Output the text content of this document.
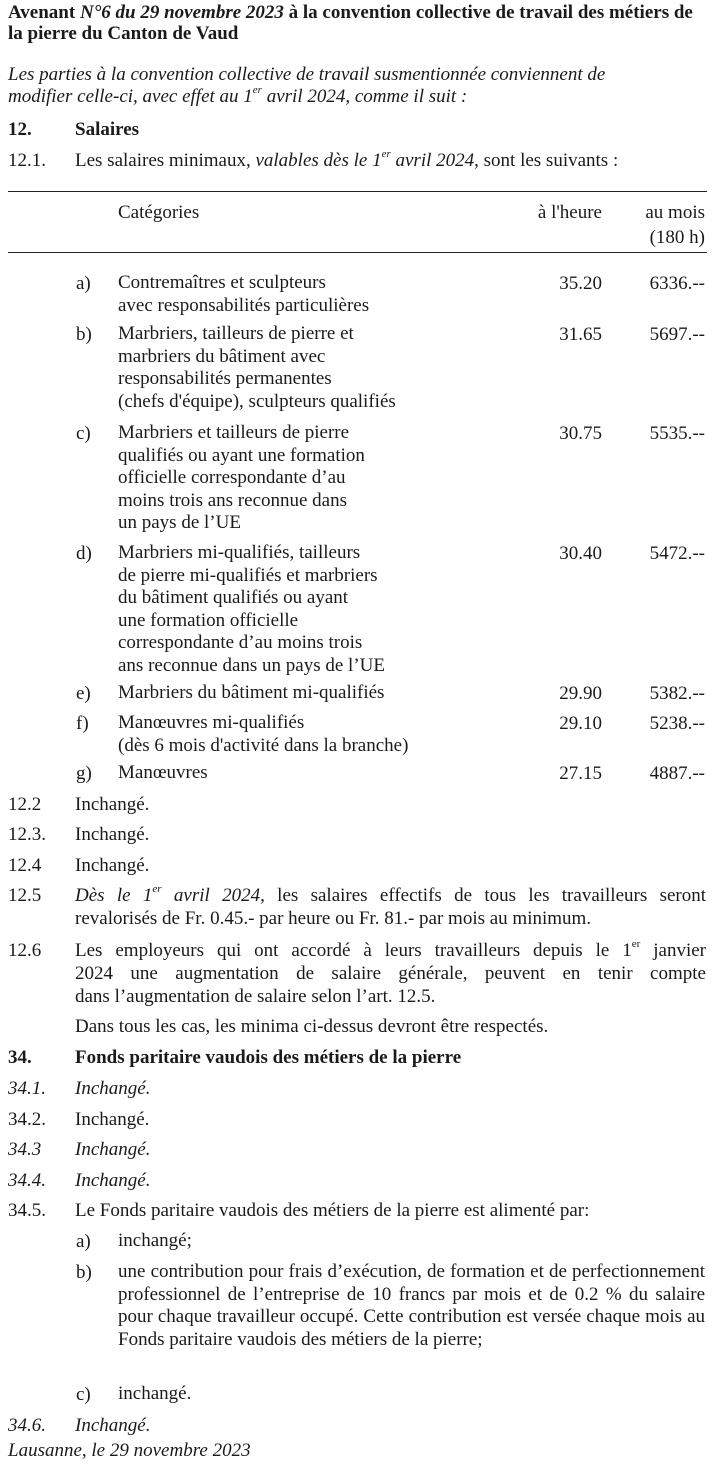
Avenant N°6 du 29 novembre 2023 à la convention collective de travail des métiers de la pierre du Canton de Vaud
Les parties à la convention collective de travail susmentionnée conviennent de
modifier celle-ci, avec effet au 1er avril 2024, comme il suit :
12. Salaires
12.1. Les salaires minimaux, valables dès le 1er avril 2024, sont les suivants :
Catégories	à l'heure	au mois
(180 h)
a) Contremaîtres et sculpteurs
avec responsabilités particulières
35.20	6336.--
b) Marbriers, tailleurs de pierre et
marbriers du bâtiment avec
responsabilités permanentes
(chefs d'équipe), sculpteurs qualifiés
31.65	5697.--
c) Marbriers et tailleurs de pierre
qualifiés ou ayant une formation
officielle correspondante d’au
moins trois ans reconnue dans
un pays de l’UE
30.75	5535.--
d) Marbriers mi-qualifiés, tailleurs
de pierre mi-qualifiés et marbriers
du bâtiment qualifiés ou ayant
une formation officielle
correspondante d’au moins trois
ans reconnue dans un pays de l’UE
30.40	5472.--
e) Marbriers du bâtiment mi-qualifiés	29.90	5382.--
f) Manœuvres mi-qualifiés
(dès 6 mois d'activité dans la branche)
29.10	5238.--
g) Manœuvres	27.15	4887.--
12.2 Inchangé.
12.3. Inchangé.
12.4 Inchangé.
12.5 Dès le 1er avril 2024, les salaires effectifs de tous les travailleurs seront
revalorisés de Fr. 0.45.- par heure ou Fr. 81.- par mois au minimum.
12.6 Les employeurs qui ont accordé à leurs travailleurs depuis le 1er janvier
2024 une augmentation de salaire générale, peuvent en tenir compte
dans l’augmentation de salaire selon l’art. 12.5.
Dans tous les cas, les minima ci-dessus devront être respectés.
34. Fonds paritaire vaudois des métiers de la pierre
34.1. Inchangé.
34.2. Inchangé.
34.3 Inchangé.
34.4. Inchangé.
34.5. Le Fonds paritaire vaudois des métiers de la pierre est alimenté par:
a) inchangé;
b) une contribution pour frais d’exécution, de formation et de perfectionnement professionnel de l’entreprise de 10 francs par mois et de 0.2 % du salaire pour chaque travailleur occupé. Cette contribution est versée chaque mois au Fonds paritaire vaudois des métiers de la pierre;
c) inchangé.
34.6. Inchangé.
Lausanne, le 29 novembre 2023
